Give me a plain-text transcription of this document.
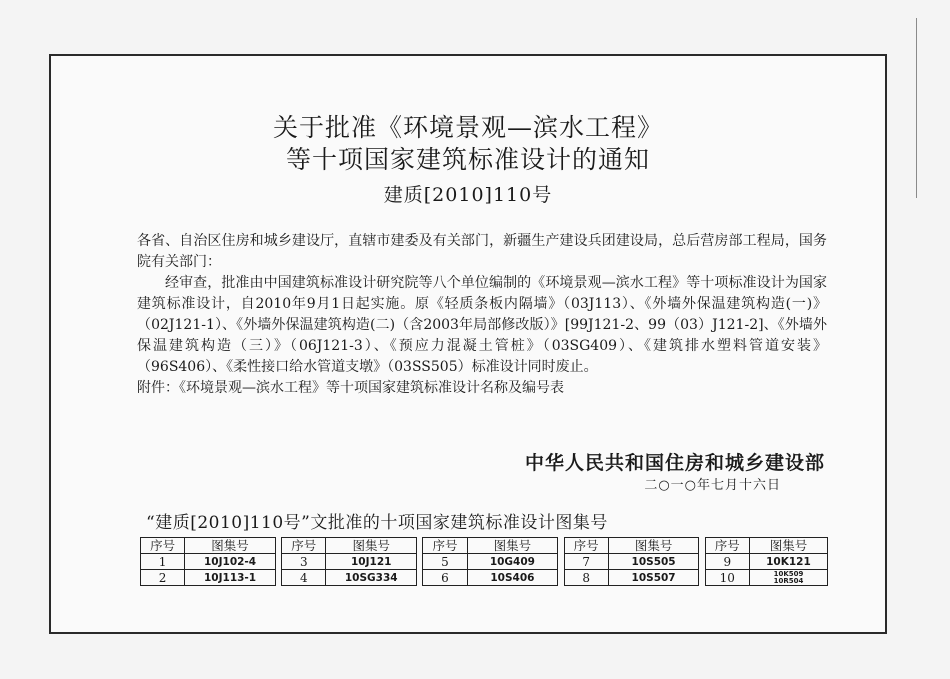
关于批准《环境景观—滨水工程》
等十项国家建筑标准设计的通知
建质[2010]110号

各省、自治区住房和城乡建设厅，直辖市建委及有关部门，新疆生产建设兵团建设局，总后营房部工程局，国务院有关部门：

经审查，批准由中国建筑标准设计研究院等八个单位编制的《环境景观—滨水工程》等十项标准设计为国家建筑标准设计，自2010年9月1日起实施。原《轻质条板内隔墙》（03J113）、《外墙外保温建筑构造(一)》（02J121-1）、《外墙外保温建筑构造(二)（含2003年局部修改版）》[99J121-2、99（03）J121-2]、《外墙外保温建筑构造（三）》（06J121-3）、《预应力混凝土管桩》（03SG409）、《建筑排水塑料管道安装》（96S406）、《柔性接口给水管道支墩》（03SS505）标准设计同时废止。

附件：《环境景观—滨水工程》等十项国家建筑标准设计名称及编号表

中华人民共和国住房和城乡建设部
二○一○年七月十六日
“建质[2010]110号”文批准的十项国家建筑标准设计图集号
序号	图集号		序号	图集号		序号	图集号		序号	图集号		序号	图集号
1	10J102-4		3	10J121		5	10G409		7	10S505		9	10K121
2	10J113-1		4	10SG334		6	10S406		8	10S507		10	10K509
10R504
